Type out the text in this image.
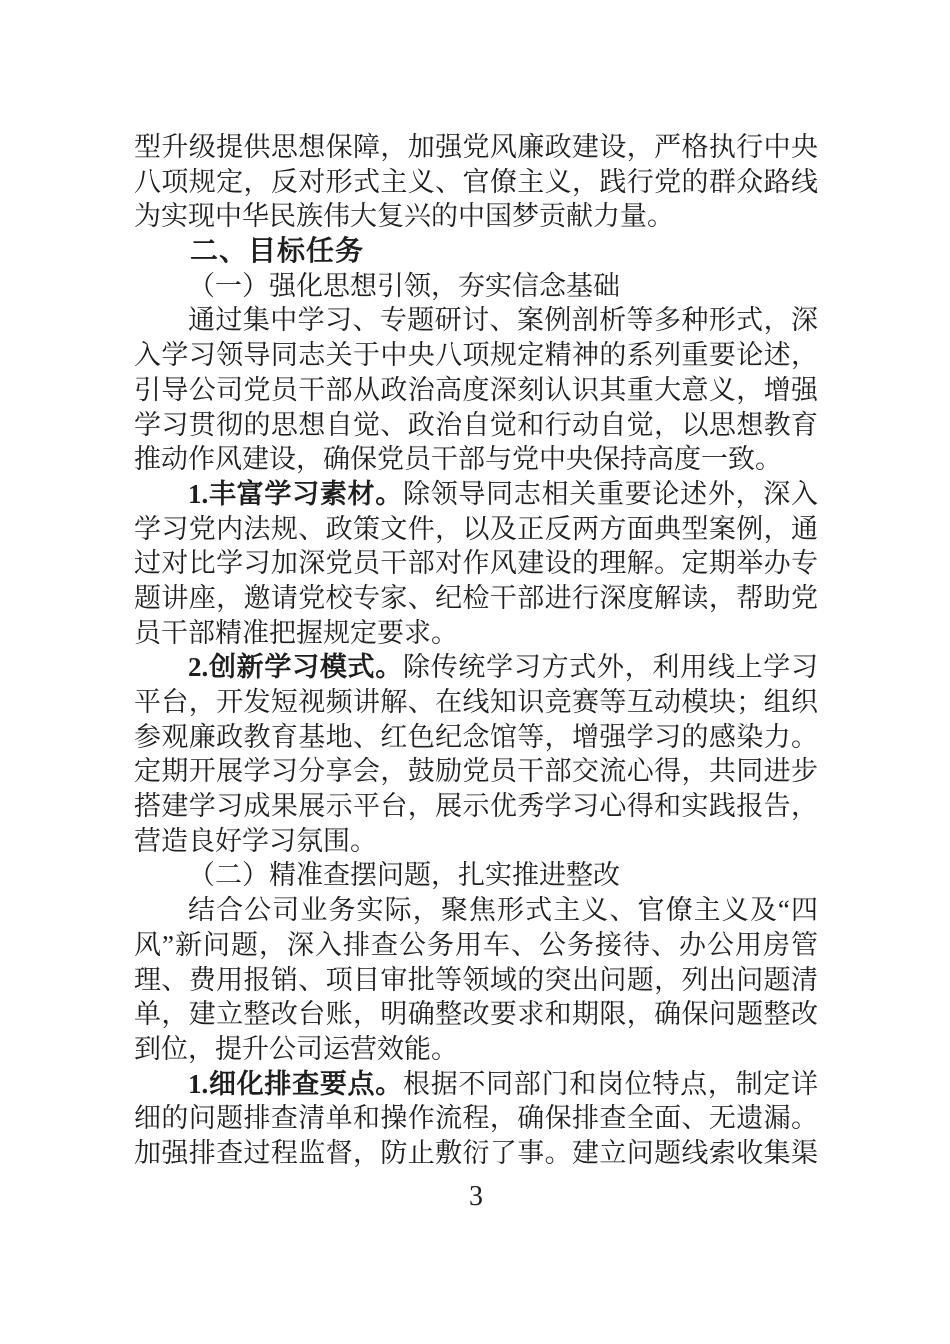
型升级提供思想保障，加强党风廉政建设，严格执行中央
八项规定，反对形式主义、官僚主义，践行党的群众路线
为实现中华民族伟大复兴的中国梦贡献力量。
二、目标任务
（一）强化思想引领，夯实信念基础
通过集中学习、专题研讨、案例剖析等多种形式，深
入学习领导同志关于中央八项规定精神的系列重要论述，
引导公司党员干部从政治高度深刻认识其重大意义，增强
学习贯彻的思想自觉、政治自觉和行动自觉，以思想教育
推动作风建设，确保党员干部与党中央保持高度一致。
1.丰富学习素材。除领导同志相关重要论述外，深入
学习党内法规、政策文件，以及正反两方面典型案例，通
过对比学习加深党员干部对作风建设的理解。定期举办专
题讲座，邀请党校专家、纪检干部进行深度解读，帮助党
员干部精准把握规定要求。
2.创新学习模式。除传统学习方式外，利用线上学习
平台，开发短视频讲解、在线知识竞赛等互动模块；组织
参观廉政教育基地、红色纪念馆等，增强学习的感染力。
定期开展学习分享会，鼓励党员干部交流心得，共同进步
搭建学习成果展示平台，展示优秀学习心得和实践报告，
营造良好学习氛围。
（二）精准查摆问题，扎实推进整改
结合公司业务实际，聚焦形式主义、官僚主义及“四
风”新问题，深入排查公务用车、公务接待、办公用房管
理、费用报销、项目审批等领域的突出问题，列出问题清
单，建立整改台账，明确整改要求和期限，确保问题整改
到位，提升公司运营效能。
1.细化排查要点。根据不同部门和岗位特点，制定详
细的问题排查清单和操作流程，确保排查全面、无遗漏。
加强排查过程监督，防止敷衍了事。建立问题线索收集渠
3
